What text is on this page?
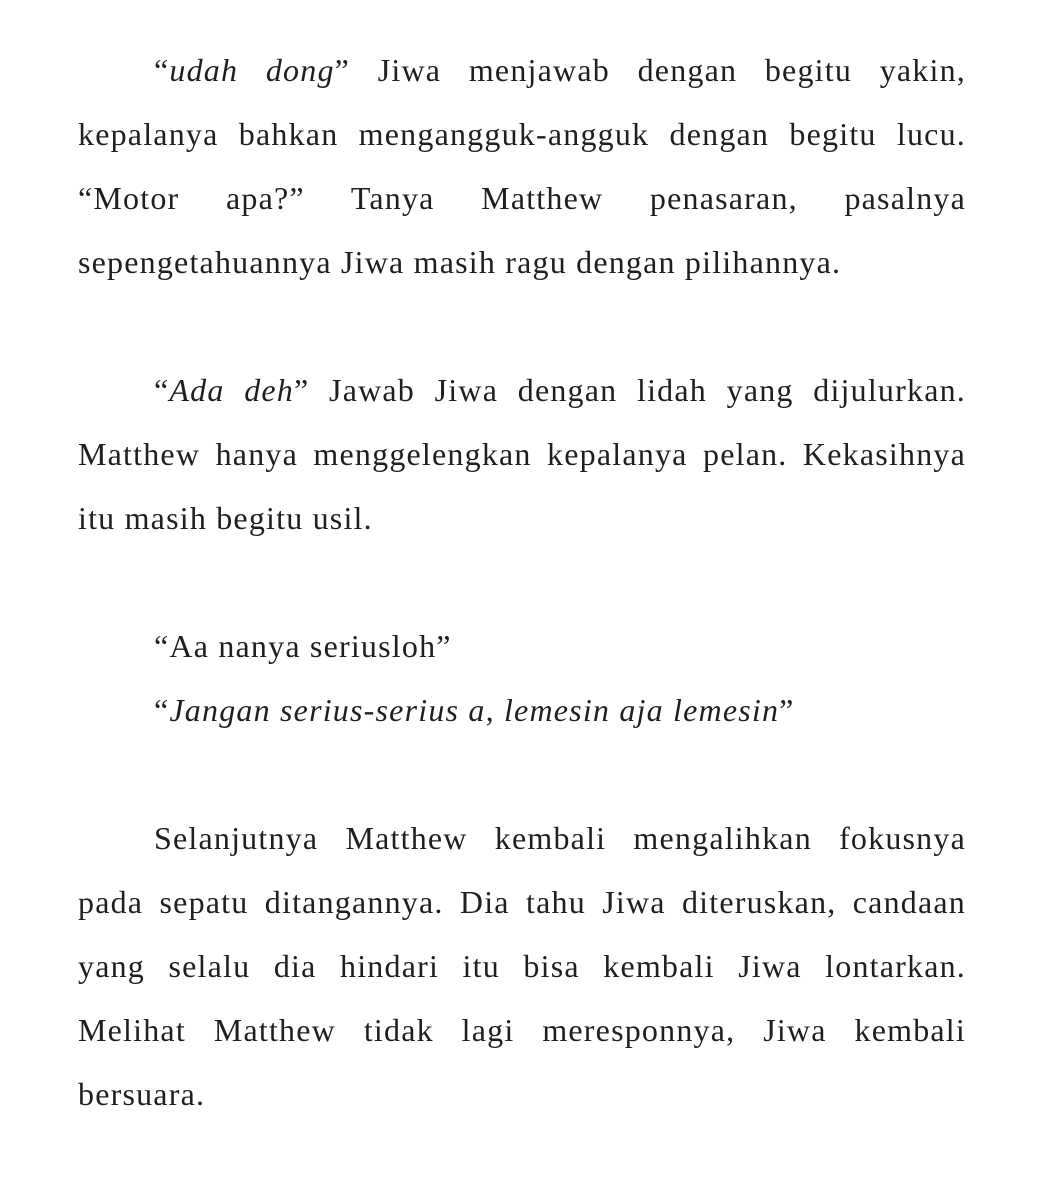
“udah dong” Jiwa menjawab dengan begitu yakin, kepalanya bahkan mengangguk-angguk dengan begitu lucu. “Motor apa?” Tanya Matthew penasaran, pasalnya sepengetahuannya Jiwa masih ragu dengan pilihannya.

“Ada deh” Jawab Jiwa dengan lidah yang dijulurkan. Matthew hanya menggelengkan kepalanya pelan. Kekasihnya itu masih begitu usil.

“Aa nanya seriusloh”
“Jangan serius-serius a, lemesin aja lemesin”

Selanjutnya Matthew kembali mengalihkan fokusnya pada sepatu ditangannya. Dia tahu Jiwa diteruskan, candaan yang selalu dia hindari itu bisa kembali Jiwa lontarkan. Melihat Matthew tidak lagi meresponnya, Jiwa kembali bersuara.
